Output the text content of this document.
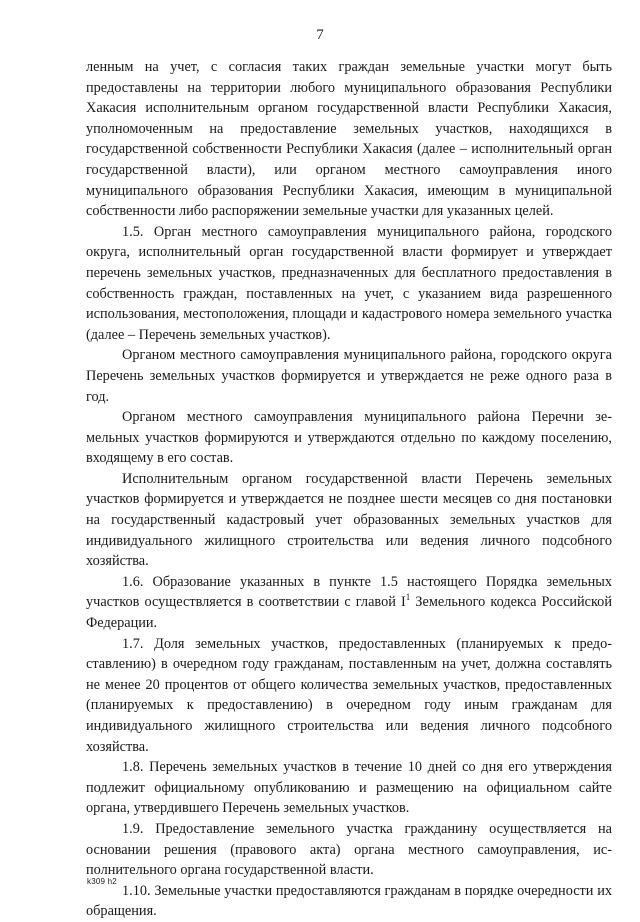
7

ленным на учет, с согласия таких граждан земельные участки могут быть предоставлены на территории любого муниципального образования Республики Хакасия исполнительным органом государственной власти Республики Хакасия, уполномоченным на предоставление земельных участков, находящихся в государственной собственности Республики Хакасия (далее – исполнительный орган государственной власти), или органом местного самоуправления иного муниципального образования Республики Хакасия, имеющим в муниципальной собственности либо распоряжении земельные участки для указанных целей.

1.5. Орган местного самоуправления муниципального района, городского округа, исполнительный орган государственной власти формирует и утверждает перечень земельных участков, предназначенных для бесплатного предоставления в собственность граждан, поставленных на учет, с указанием вида разрешенного использования, местоположения, площади и кадастрового номера земельного участка (далее – Перечень земельных участков).

Органом местного самоуправления муниципального района, городского округа Перечень земельных участков формируется и утверждается не реже одного раза в год.

Органом местного самоуправления муниципального района Перечни земельных участков формируются и утверждаются отдельно по каждому поселению, входящему в его состав.

Исполнительным органом государственной власти Перечень земельных участков формируется и утверждается не позднее шести месяцев со дня постановки на государственный кадастровый учет образованных земельных участков для индивидуального жилищного строительства или ведения личного подсобного хозяйства.

1.6. Образование указанных в пункте 1.5 настоящего Порядка земельных участков осуществляется в соответствии с главой $I^1$ Земельного кодекса Российской Федерации.

1.7. Доля земельных участков, предоставленных (планируемых к предоставлению) в очередном году гражданам, поставленным на учет, должна составлять не менее 20 процентов от общего количества земельных участков, предоставленных (планируемых к предоставлению) в очередном году иным гражданам для индивидуального жилищного строительства или ведения личного подсобного хозяйства.

1.8. Перечень земельных участков в течение 10 дней со дня его утверждения подлежит официальному опубликованию и размещению на официальном сайте органа, утвердившего Перечень земельных участков.

1.9. Предоставление земельного участка гражданину осуществляется на основании решения (правового акта) органа местного самоуправления, исполнительного органа государственной власти.

1.10. Земельные участки предоставляются гражданам в порядке очередности их обращения.

k309 h2
